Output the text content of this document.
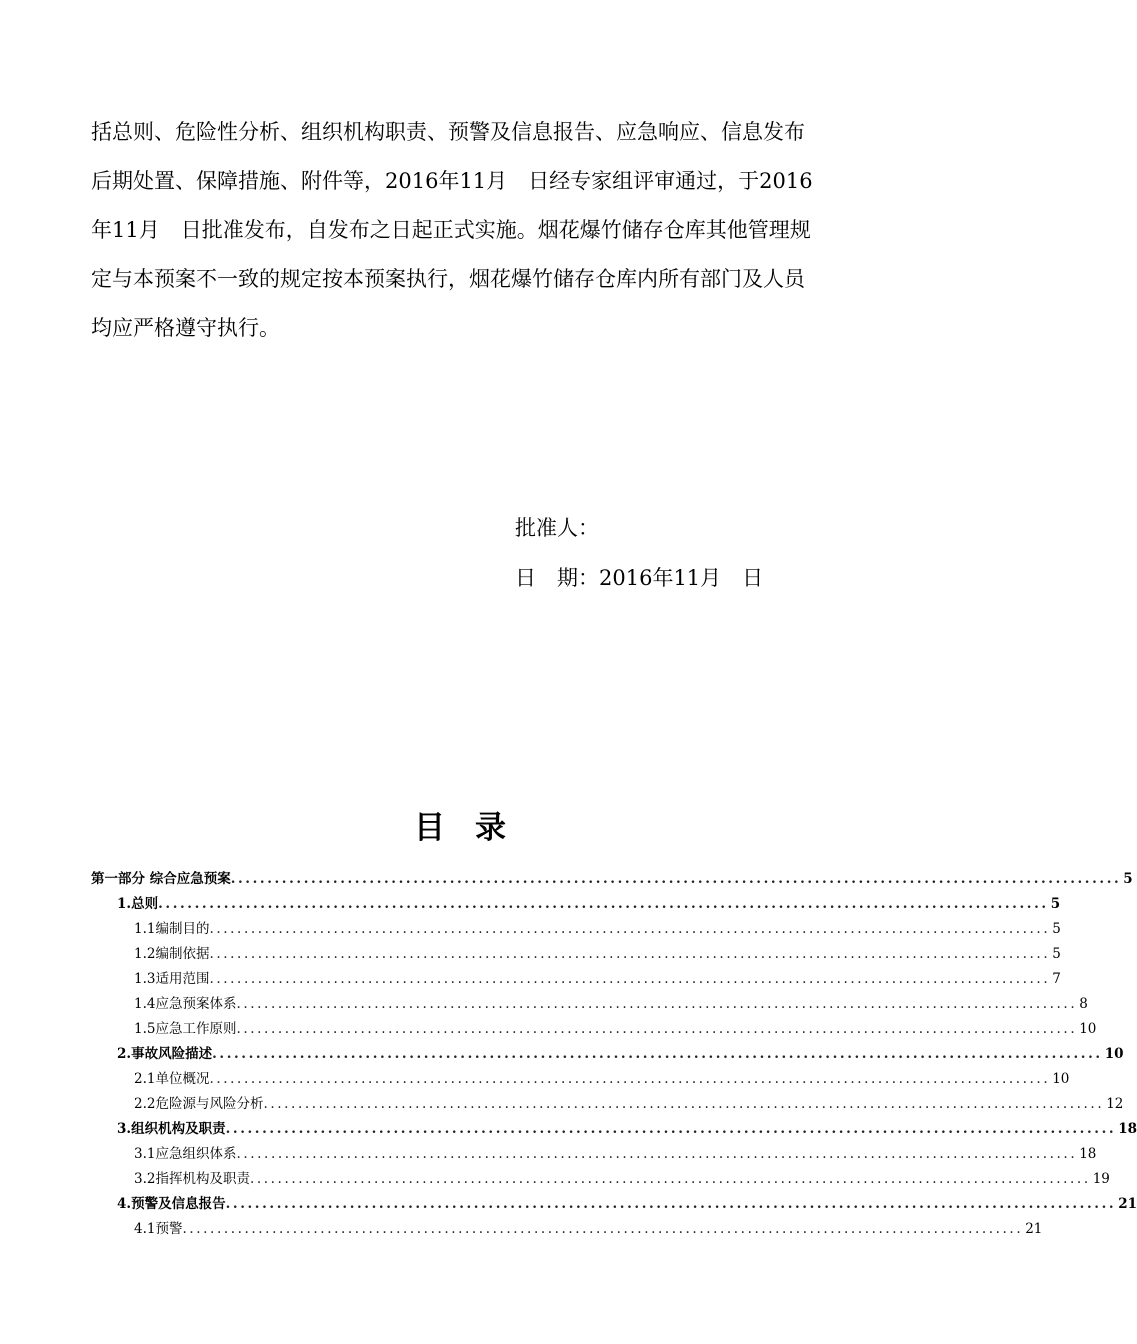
括总则、危险性分析、组织机构职责、预警及信息报告、应急响应、信息发布

后期处置、保障措施、附件等，2016年11月　日经专家组评审通过，于2016

年11月　日批准发布，自发布之日起正式实施。烟花爆竹储存仓库其他管理规

定与本预案不一致的规定按本预案执行，烟花爆竹储存仓库内所有部门及人员

均应严格遵守执行。

批准人：
日　期：2016年11月　日
目录
第一部分 综合应急预案 .......................................................................................................................... 5
1.总则 .......................................................................................................................... 5
1.1编制目的 .......................................................................................................................... 5
1.2编制依据 .......................................................................................................................... 5
1.3适用范围 .......................................................................................................................... 7
1.4应急预案体系 .......................................................................................................................... 8
1.5应急工作原则 .......................................................................................................................... 10
2.事故风险描述 .......................................................................................................................... 10
2.1单位概况 .......................................................................................................................... 10
2.2危险源与风险分析 .......................................................................................................................... 12
3.组织机构及职责 .......................................................................................................................... 18
3.1应急组织体系 .......................................................................................................................... 18
3.2指挥机构及职责 .......................................................................................................................... 19
4.预警及信息报告 .......................................................................................................................... 21
4.1预警 .......................................................................................................................... 21
